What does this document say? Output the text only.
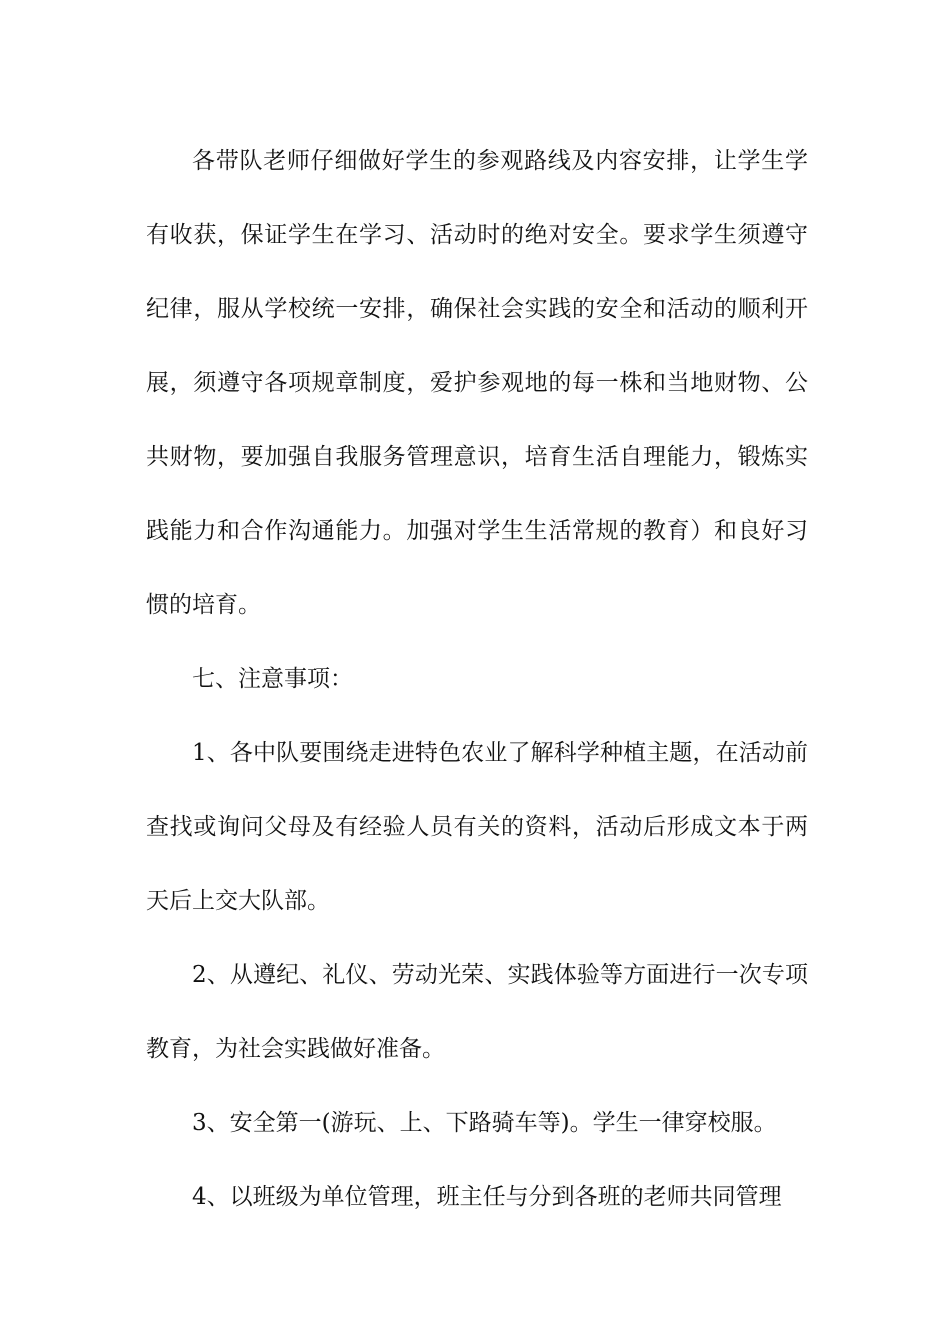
各带队老师仔细做好学生的参观路线及内容安排，让学生学有收获，保证学生在学习、活动时的绝对安全。要求学生须遵守纪律，服从学校统一安排，确保社会实践的安全和活动的顺利开展，须遵守各项规章制度，爱护参观地的每一株和当地财物、公共财物，要加强自我服务管理意识，培育生活自理能力，锻炼实践能力和合作沟通能力。加强对学生生活常规的教育）和良好习惯的培育。

七、注意事项：

1、各中队要围绕走进特色农业了解科学种植主题，在活动前查找或询问父母及有经验人员有关的资料，活动后形成文本于两天后上交大队部。

2、从遵纪、礼仪、劳动光荣、实践体验等方面进行一次专项教育，为社会实践做好准备。

3、安全第一(游玩、上、下路骑车等)。学生一律穿校服。

4、以班级为单位管理，班主任与分到各班的老师共同管理
